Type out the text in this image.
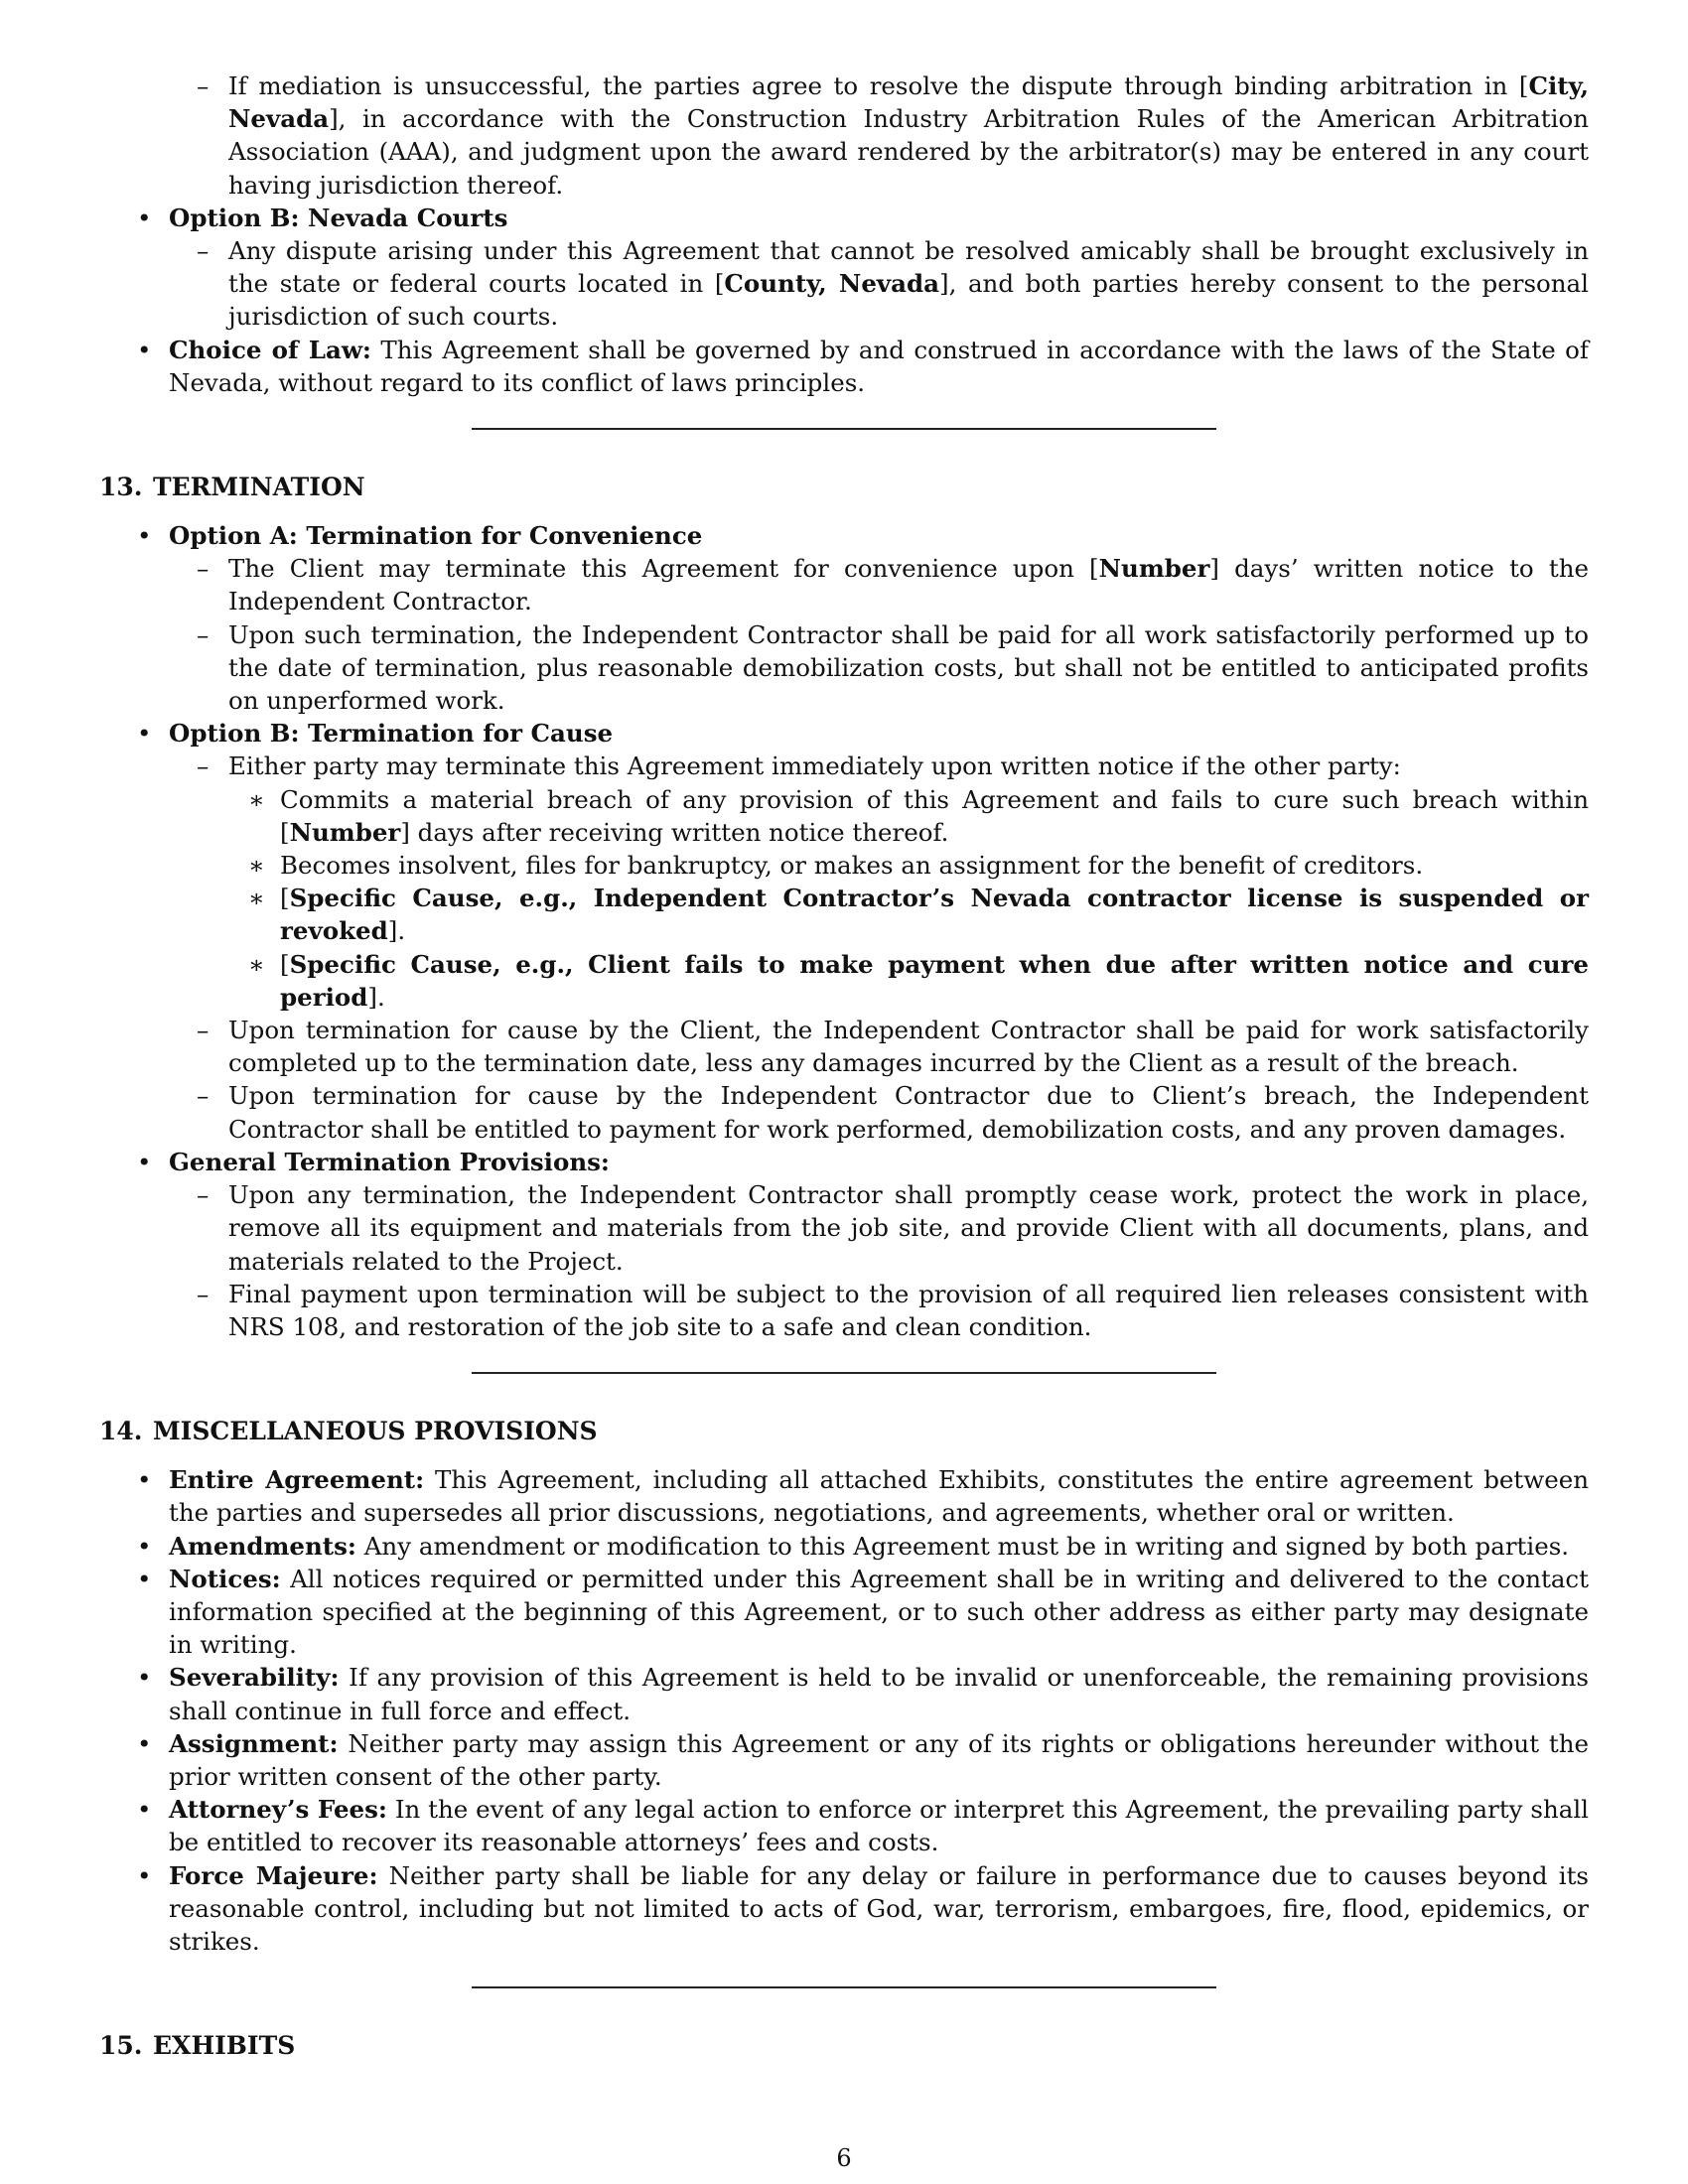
– If mediation is unsuccessful, the parties agree to resolve the dispute through binding arbitration in [City, Nevada], in accordance with the Construction Industry Arbitration Rules of the American Arbitration Association (AAA), and judgment upon the award rendered by the arbitrator(s) may be entered in any court having jurisdiction thereof.

• Option B: Nevada Courts

– Any dispute arising under this Agreement that cannot be resolved amicably shall be brought exclusively in the state or federal courts located in [County, Nevada], and both parties hereby consent to the personal jurisdiction of such courts.

• Choice of Law: This Agreement shall be governed by and construed in accordance with the laws of the State of Nevada, without regard to its conflict of laws principles.

13. TERMINATION

• Option A: Termination for Convenience

– The Client may terminate this Agreement for convenience upon [Number] days’ written notice to the Independent Contractor.

– Upon such termination, the Independent Contractor shall be paid for all work satisfactorily performed up to the date of termination, plus reasonable demobilization costs, but shall not be entitled to anticipated profits on unperformed work.

• Option B: Termination for Cause

– Either party may terminate this Agreement immediately upon written notice if the other party:

∗ Commits a material breach of any provision of this Agreement and fails to cure such breach within [Number] days after receiving written notice thereof.

∗ Becomes insolvent, files for bankruptcy, or makes an assignment for the benefit of creditors.

∗ [Specific Cause, e.g., Independent Contractor’s Nevada contractor license is suspended or revoked].

∗ [Specific Cause, e.g., Client fails to make payment when due after written notice and cure period].

– Upon termination for cause by the Client, the Independent Contractor shall be paid for work satisfactorily completed up to the termination date, less any damages incurred by the Client as a result of the breach.

– Upon termination for cause by the Independent Contractor due to Client’s breach, the Independent Contractor shall be entitled to payment for work performed, demobilization costs, and any proven damages.

• General Termination Provisions:

– Upon any termination, the Independent Contractor shall promptly cease work, protect the work in place, remove all its equipment and materials from the job site, and provide Client with all documents, plans, and materials related to the Project.

– Final payment upon termination will be subject to the provision of all required lien releases consistent with NRS 108, and restoration of the job site to a safe and clean condition.

14. MISCELLANEOUS PROVISIONS

• Entire Agreement: This Agreement, including all attached Exhibits, constitutes the entire agreement between the parties and supersedes all prior discussions, negotiations, and agreements, whether oral or written.

• Amendments: Any amendment or modification to this Agreement must be in writing and signed by both parties.

• Notices: All notices required or permitted under this Agreement shall be in writing and delivered to the contact information specified at the beginning of this Agreement, or to such other address as either party may designate in writing.

• Severability: If any provision of this Agreement is held to be invalid or unenforceable, the remaining provisions shall continue in full force and effect.

• Assignment: Neither party may assign this Agreement or any of its rights or obligations hereunder without the prior written consent of the other party.

• Attorney’s Fees: In the event of any legal action to enforce or interpret this Agreement, the prevailing party shall be entitled to recover its reasonable attorneys’ fees and costs.

• Force Majeure: Neither party shall be liable for any delay or failure in performance due to causes beyond its reasonable control, including but not limited to acts of God, war, terrorism, embargoes, fire, flood, epidemics, or strikes.

15. EXHIBITS
6
